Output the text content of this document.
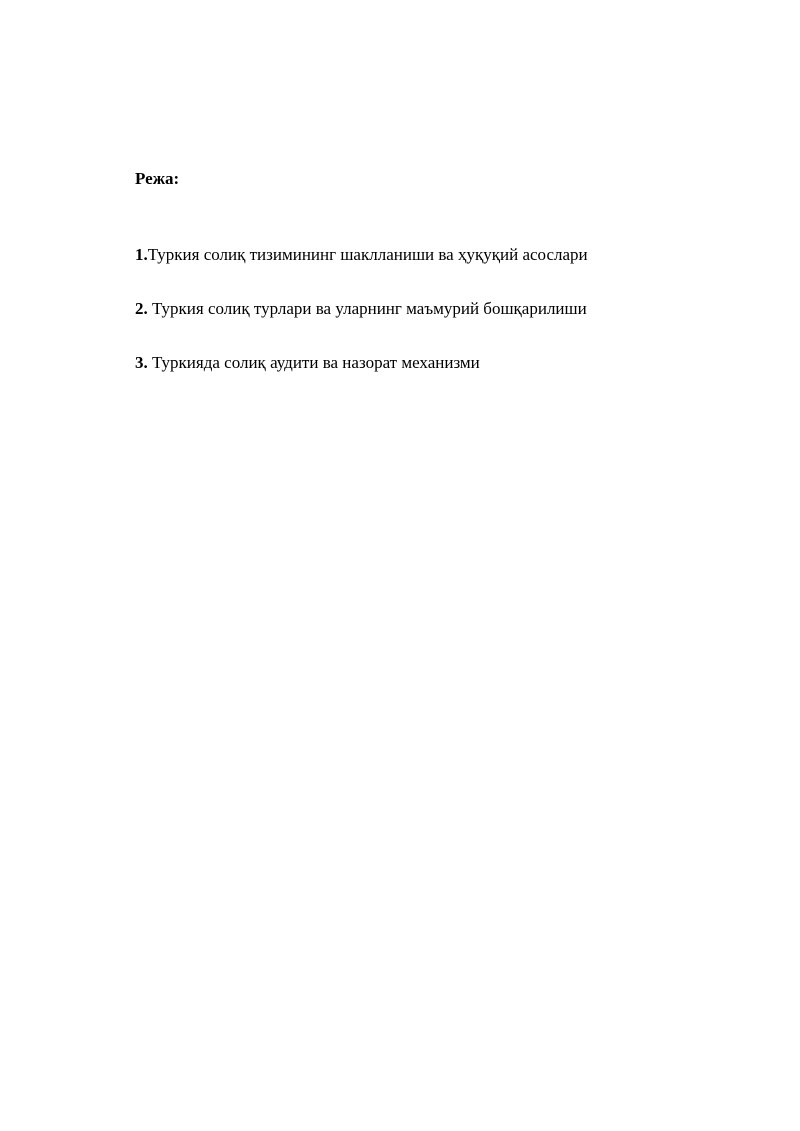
Режа:
1.Туркия солиқ тизимининг шаклланиши ва ҳуқуқий асослари
2. Туркия солиқ турлари ва уларнинг маъмурий бошқарилиши
3. Туркияда солиқ аудити ва назорат механизми
